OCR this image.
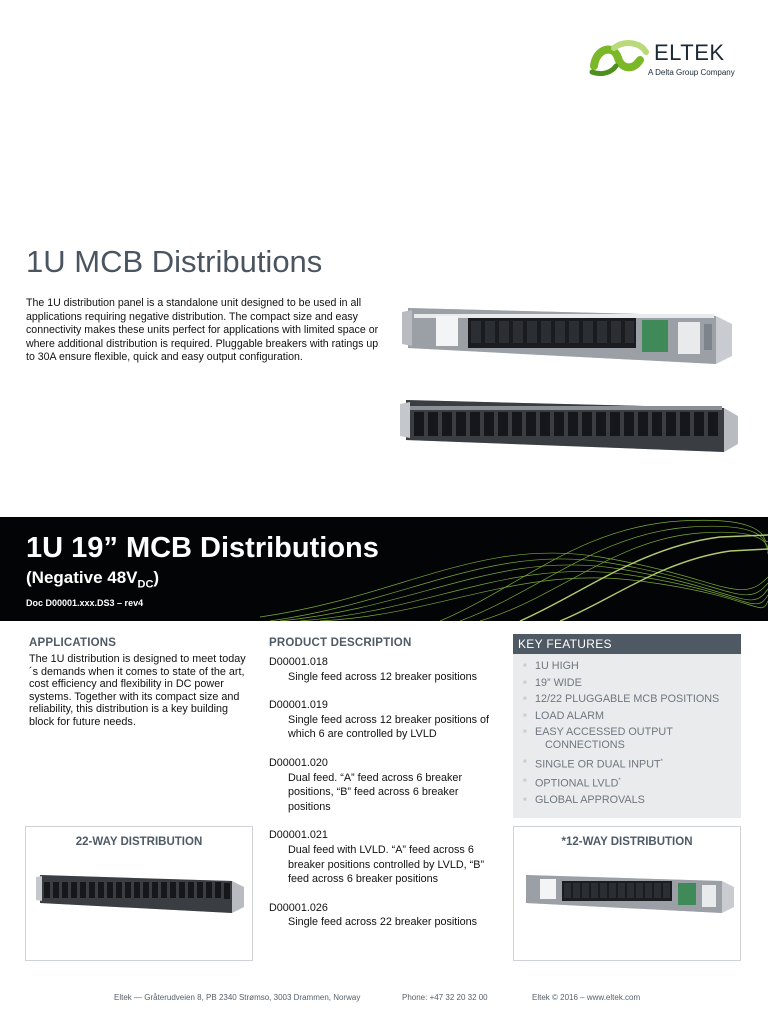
ELTEK
A Delta Group Company
1U MCB Distributions

The 1U distribution panel is a standalone unit designed to be used in all applications requiring negative distribution. The compact size and easy connectivity makes these units perfect for applications with limited space or where additional distribution is required. Pluggable breakers with ratings up to 30A ensure flexible, quick and easy output configuration.

1U 19” MCB Distributions
(Negative $48V_{DC}$)
Doc D00001.xxx.DS3 – rev4
APPLICATIONS

The 1U distribution is designed to meet today´s demands when it comes to state of the art, cost efficiency and flexibility in DC power systems. Together with its compact size and reliability, this distribution is a key building block for future needs.

PRODUCT DESCRIPTION
D00001.018
Single feed across 12 breaker positions
D00001.019
Single feed across 12 breaker positions of which 6 are controlled by LVLD
D00001.020
Dual feed. “A” feed across 6 breaker positions, “B” feed across 6 breaker positions
D00001.021
Dual feed with LVLD. “A” feed across 6 breaker positions controlled by LVLD, “B” feed across 6 breaker positions
D00001.026
Single feed across 22 breaker positions
KEY FEATURES
■ 1U HIGH
■ 19” WIDE
■ 12/22 PLUGGABLE MCB POSITIONS
■ LOAD ALARM
■ EASY ACCESSED OUTPUT
CONNECTIONS
■ SINGLE OR DUAL INPUT*
■ OPTIONAL LVLD*
■ GLOBAL APPROVALS
22-WAY DISTRIBUTION	*12-WAY DISTRIBUTION
Eltek — Gråterudveien 8, PB 2340 Strømso, 3003 Drammen, Norway	Phone: +47 32 20 32 00	Eltek © 2016 – www.eltek.com
